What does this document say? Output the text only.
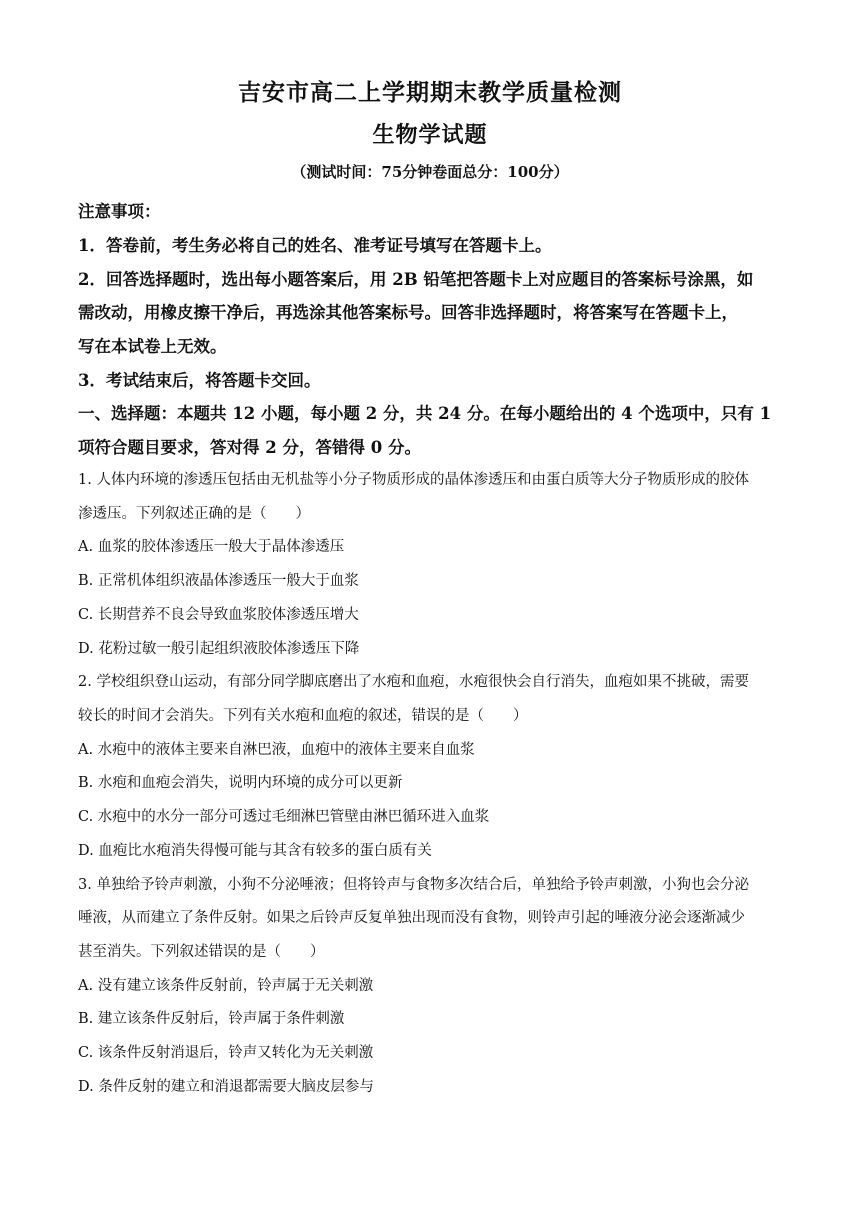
吉安市高二上学期期末教学质量检测
生物学试题
（测试时间：75分钟卷面总分：100分）
注意事项：
1．答卷前，考生务必将自己的姓名、准考证号填写在答题卡上。
2．回答选择题时，选出每小题答案后，用 2B 铅笔把答题卡上对应题目的答案标号涂黑，如
需改动，用橡皮擦干净后，再选涂其他答案标号。回答非选择题时，将答案写在答题卡上，
写在本试卷上无效。
3．考试结束后，将答题卡交回。
一、选择题：本题共 12 小题，每小题 2 分，共 24 分。在每小题给出的 4 个选项中，只有 1
项符合题目要求，答对得 2 分，答错得 0 分。
1. 人体内环境的渗透压包括由无机盐等小分子物质形成的晶体渗透压和由蛋白质等大分子物质形成的胶体
渗透压。下列叙述正确的是（　　）
A. 血浆的胶体渗透压一般大于晶体渗透压
B. 正常机体组织液晶体渗透压一般大于血浆
C. 长期营养不良会导致血浆胶体渗透压增大
D. 花粉过敏一般引起组织液胶体渗透压下降
2. 学校组织登山运动，有部分同学脚底磨出了水疱和血疱，水疱很快会自行消失，血疱如果不挑破，需要
较长的时间才会消失。下列有关水疱和血疱的叙述，错误的是（　　）
A. 水疱中的液体主要来自淋巴液，血疱中的液体主要来自血浆
B. 水疱和血疱会消失，说明内环境的成分可以更新
C. 水疱中的水分一部分可透过毛细淋巴管壁由淋巴循环进入血浆
D. 血疱比水疱消失得慢可能与其含有较多的蛋白质有关
3. 单独给予铃声刺激，小狗不分泌唾液；但将铃声与食物多次结合后，单独给予铃声刺激，小狗也会分泌
唾液，从而建立了条件反射。如果之后铃声反复单独出现而没有食物，则铃声引起的唾液分泌会逐渐减少
甚至消失。下列叙述错误的是（　　）
A. 没有建立该条件反射前，铃声属于无关刺激
B. 建立该条件反射后，铃声属于条件刺激
C. 该条件反射消退后，铃声又转化为无关刺激
D. 条件反射的建立和消退都需要大脑皮层参与
